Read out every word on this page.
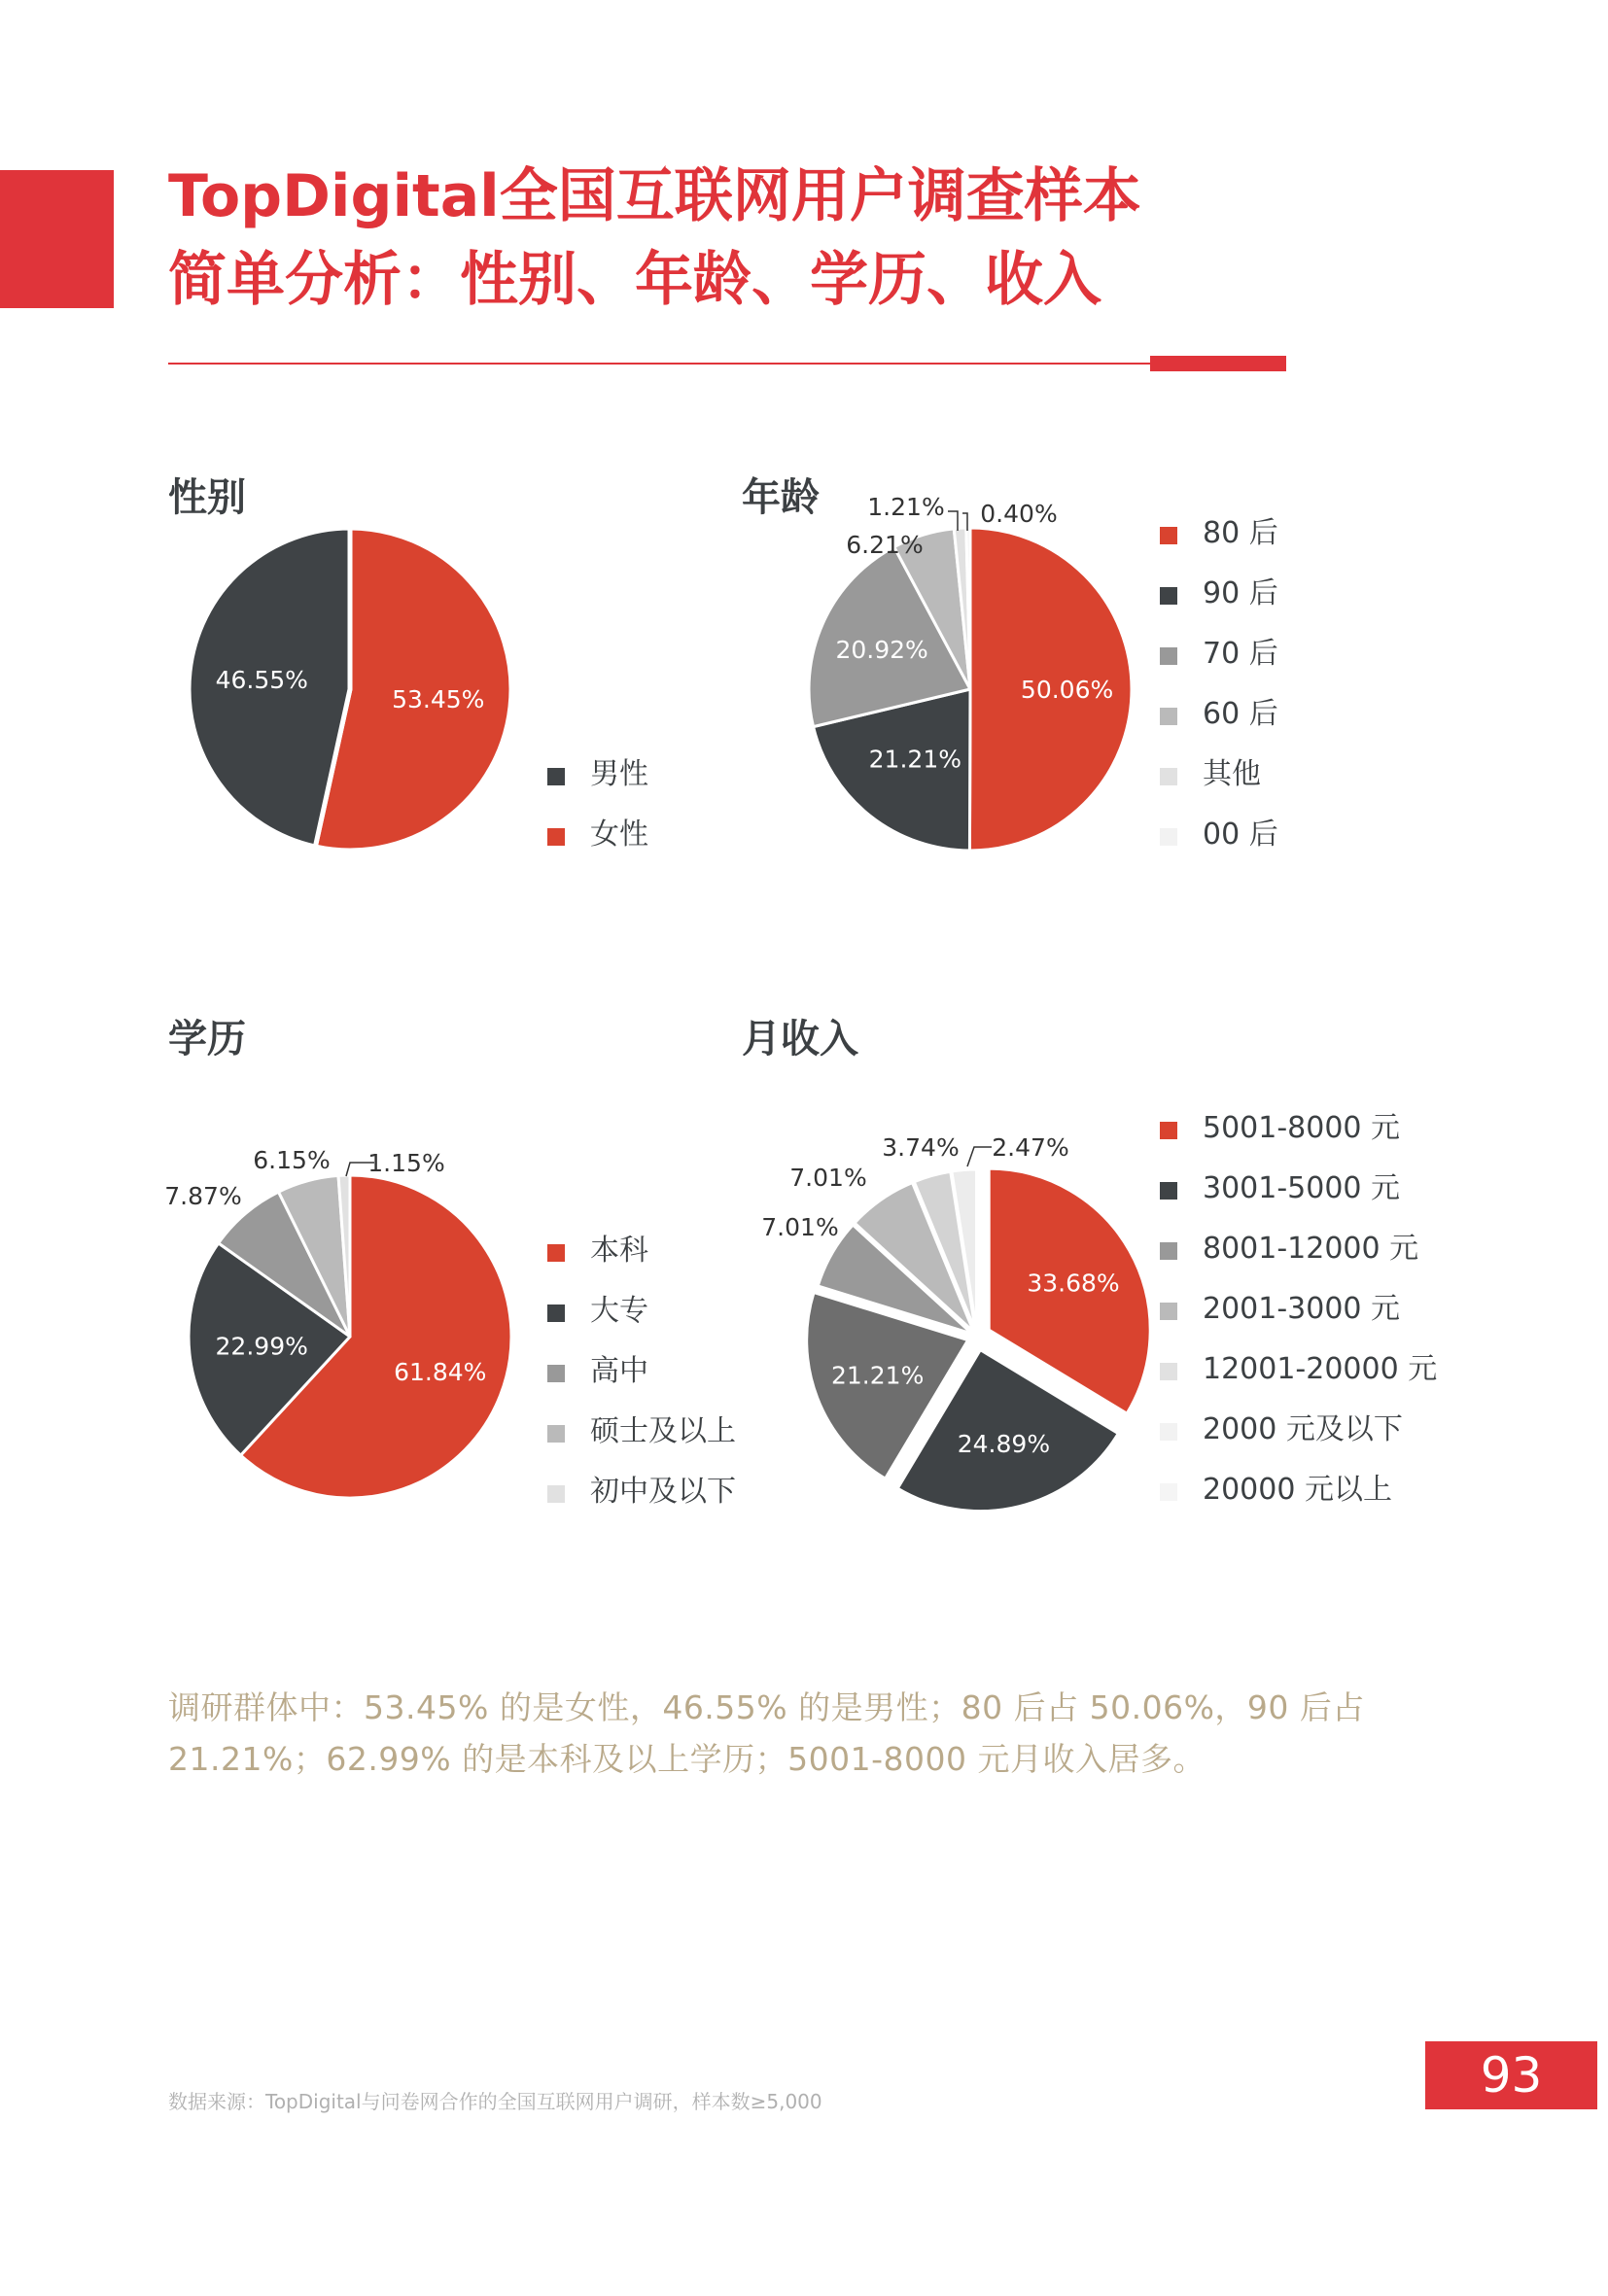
TopDigital全国互联网用户调查样本
简单分析：性别、年龄、学历、收入
性别
53.45%
46.55%	50.06%
21.21%
20.92%
6.21%
1.21% 0.40%
61.84%
22.99%
7.87%
6.15% 1.15%
33.68%
24.89%
21.21%
7.01%
7.01%
3.74% 2.47%
男性
女性
年龄
80 后
90 后
70 后
60 后
其他
00 后
学历
本科
大专
高中
硕士及以上
初中及以下
月收入
5001-8000 元
3001-5000 元
8001-12000 元
2001-3000 元
12001-20000 元
2000 元及以下
20000 元以上

调研群体中：53.45% 的是女性，46.55% 的是男性；80 后占 50.06%，90 后占 21.21%；62.99% 的是本科及以上学历；5001-8000 元月收入居多。

数据来源：TopDigital与问卷网合作的全国互联网用户调研，样本数≥5,000	93
